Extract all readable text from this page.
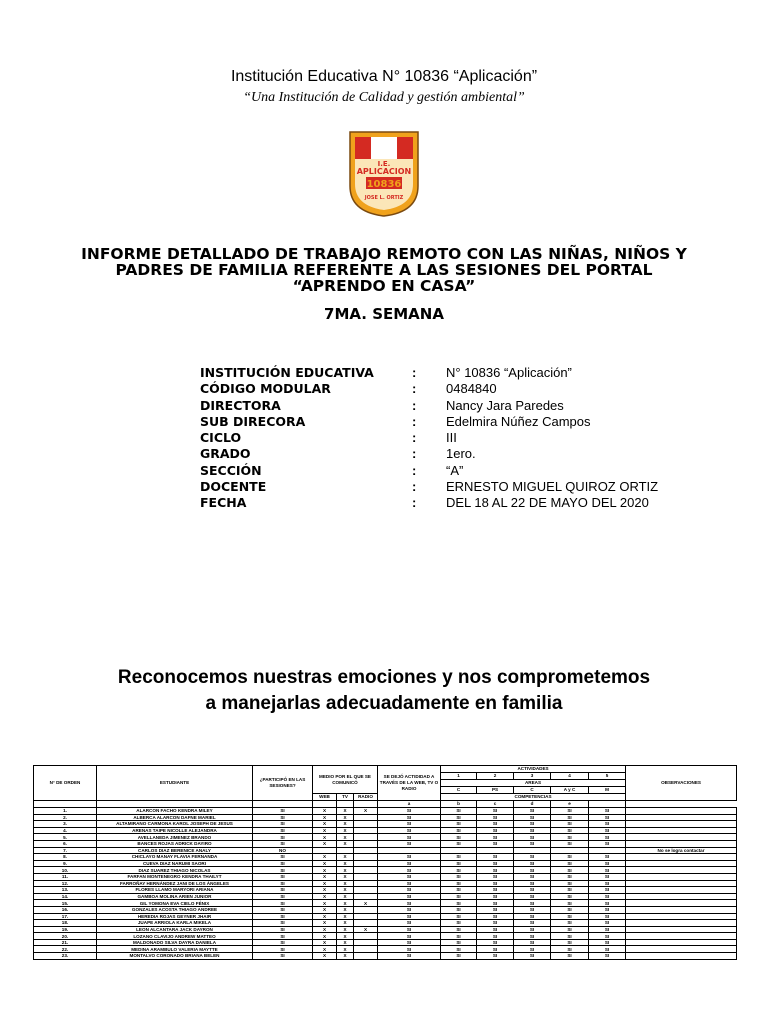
Institución Educativa N° 10836 “Aplicación”
“Una Institución de Calidad y gestión ambiental”
I.E.
APLICACION
10836
JOSE L. ORTIZ
INFORME DETALLADO DE TRABAJO REMOTO CON LAS NIÑAS, NIÑOS Y
PADRES DE FAMILIA REFERENTE A LAS SESIONES DEL PORTAL
“APRENDO EN CASA”
7MA. SEMANA
INSTITUCIÓN EDUCATIVA	: N° 10836 “Aplicación”
CÓDIGO MODULAR	: 0484840
DIRECTORA	: Nancy Jara Paredes
SUB DIRECORA	: Edelmira Núñez Campos
CICLO	: III
GRADO	: 1ero.
SECCIÓN	: “A”
DOCENTE	: ERNESTO MIGUEL QUIROZ ORTIZ
FECHA	: DEL 18 AL 22 DE MAYO DEL 2020
Reconocemos nuestras emociones y nos comprometemos
a manejarlas adecuadamente en familia
N° DE ORDEN	ESTUDIANTE	¿PARTICIPÓ EN LAS SESIONES?	MEDIO POR EL QUE SE COMUNICÓ			SE DEJÓ ACTIDIDAD A TRAVÉS DE LA WEB, TV O RADIO	ACTIVIDADES					OBSERVACIONES
							1	2	3	4	5	
							AREAS					
							C	PS	C	A y C	M	
			WEB	TV	RADIO		COMPETENCIAS					
						a	b	c	d	e		
1.	ALARCON FACHO KENDRA MILEY	SI	X	X	X	SI	SI	SI	SI	SI	SI	
2.	ALBERCA ALARCON DAFNE MARIEL	SI	X	X		SI	SI	SI	SI	SI	SI	
3.	ALTAMIRANO CARMONA KAROL JOSEPH DE JESUS	SI	X	X		SI	SI	SI	SI	SI	SI	
4.	ARENAS TAIPE NICOLLE ALEJANDRA	SI	X	X		SI	SI	SI	SI	SI	SI	
5.	AVELLANEDA JIMENEZ BRANDO	SI	X	X		SI	SI	SI	SI	SI	SI	
6.	BANCES ROJAS ADRICK DAYIRO	SI	X	X		SI	SI	SI	SI	SI	SI	
7.	CARLOS DIAZ BERENICE ANALY	NO										No se logra contactar
8.	CHICLAYO MANAY FLAVIA FERNANDA	SI	X	X		SI	SI	SI	SI	SI	SI	
9.	CUEVA DIAZ NARUMI SAORI	SI	X	X		SI	SI	SI	SI	SI	SI	
10.	DIAZ SUAREZ THIAGO NICOLAS	SI	X	X		SI	SI	SI	SI	SI	SI	
11.	FARFAN MONTENEGRO KENDRA THAILYT	SI	X	X		SI	SI	SI	SI	SI	SI	
12.	FARROÑAY HERNÁNDEZ JANI DE LOS ÁNGELES	SI	X	X		SI	SI	SI	SI	SI	SI	
13.	FLORES LLAMO MARYORI ARIANA	SI	X	X		SI	SI	SI	SI	SI	SI	
14.	GAMBOA MOLINA ARIEN JUNIOR	SI	X	X		SI	SI	SI	SI	SI	SI	
15.	GIL YOMONA EVA CIELO FÉNIX	SI	X	X	X	SI	SI	SI	SI	SI	SI	
16.	GONZALES ACOSTA THIAGO ANDREE	SI	X	X		SI	SI	SI	SI	SI	SI	
17.	HEREDIA ROJAS GEYNER JHAIR	SI	X	X		SI	SI	SI	SI	SI	SI	
18.	JUAPE ARRIOLA KARLA MIKELA	SI	X	X		SI	SI	SI	SI	SI	SI	
19.	LEON ALCANTARA JACK DAYRON	SI	X	X	X	SI	SI	SI	SI	SI	SI	
20.	LOZANO CLAVIJO ANDREW MATTEO	SI	X	X		SI	SI	SI	SI	SI	SI	
21.	MALDONADO SILVA DAYRA DANIELA	SI	X	X		SI	SI	SI	SI	SI	SI	
22.	MEDINA ARAMBULO VALERIA MAYTTE	SI	X	X		SI	SI	SI	SI	SI	SI	
23.	MONTALVO CORONADO BRIANA BELEN	SI	X	X		SI	SI	SI	SI	SI	SI	
